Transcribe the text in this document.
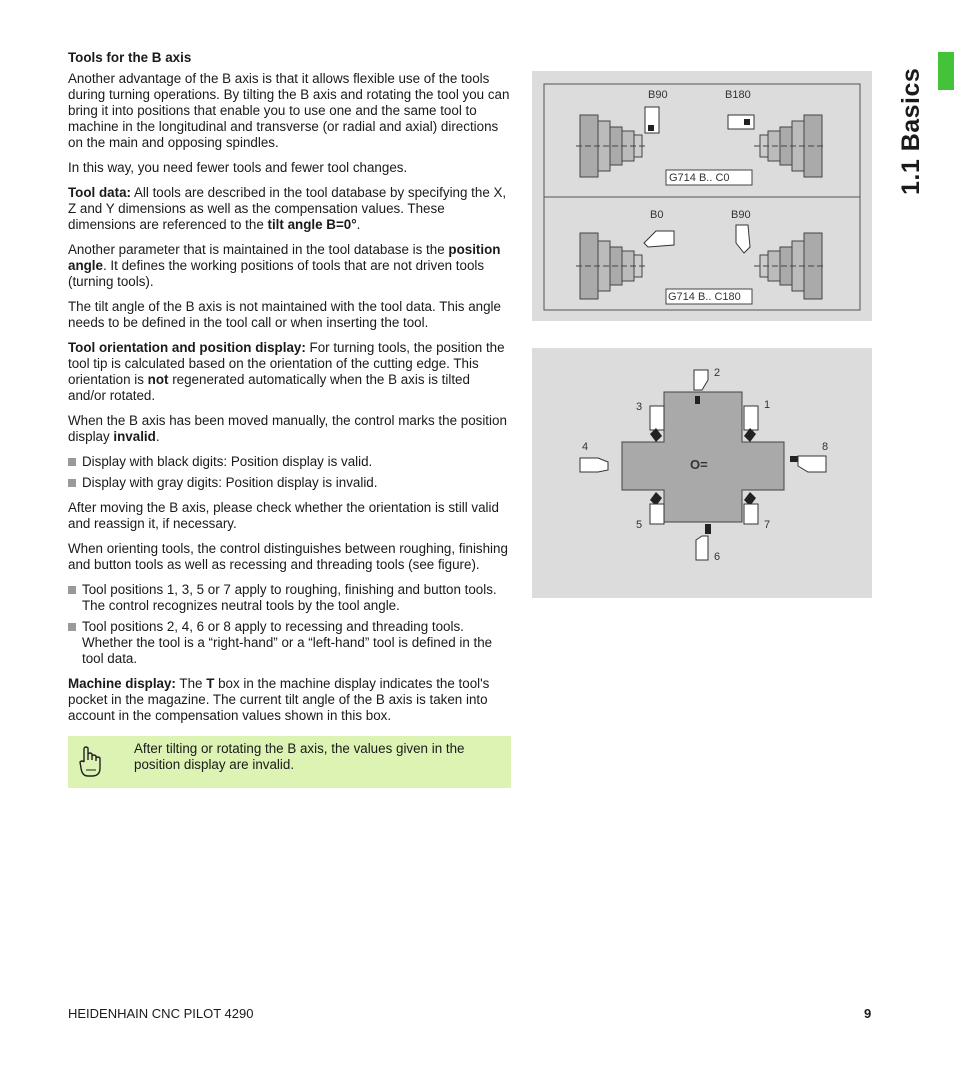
1.1 Basics
Tools for the B axis

Another advantage of the B axis is that it allows flexible use of the tools during turning operations. By tilting the B axis and rotating the tool you can bring it into positions that enable you to use one and the same tool to machine in the longitudinal and transverse (or radial and axial) directions on the main and opposing spindles.

In this way, you need fewer tools and fewer tool changes.

Tool data: All tools are described in the tool database by specifying the X, Z and Y dimensions as well as the compensation values. These dimensions are referenced to the tilt angle B=0°.

Another parameter that is maintained in the tool database is the position angle. It defines the working positions of tools that are not driven tools (turning tools).

The tilt angle of the B axis is not maintained with the tool data. This angle needs to be defined in the tool call or when inserting the tool.

Tool orientation and position display: For turning tools, the position the tool tip is calculated based on the orientation of the cutting edge. This orientation is not regenerated automatically when the B axis is tilted and/or rotated.

When the B axis has been moved manually, the control marks the position display invalid.

Display with black digits: Position display is valid.
Display with gray digits: Position display is invalid.

After moving the B axis, please check whether the orientation is still valid and reassign it, if necessary.

When orienting tools, the control distinguishes between roughing, finishing and button tools as well as recessing and threading tools (see figure).

Tool positions 1, 3, 5 or 7 apply to roughing, finishing and button tools. The control recognizes neutral tools by the tool angle.
Tool positions 2, 4, 6 or 8 apply to recessing and threading tools. Whether the tool is a “right-hand” or a “left-hand” tool is defined in the tool data.

Machine display: The T box in the machine display indicates the tool's pocket in the magazine. The current tilt angle of the B axis is taken into account in the compensation values shown in this box.

After tilting or rotating the B axis, the values given in the position display are invalid.
B90	B180
G714 B.. C0
B0	B90
G714 B.. C180
O=
2
3	1
4	8
5	7
6
HEIDENHAIN CNC PILOT 4290	9
